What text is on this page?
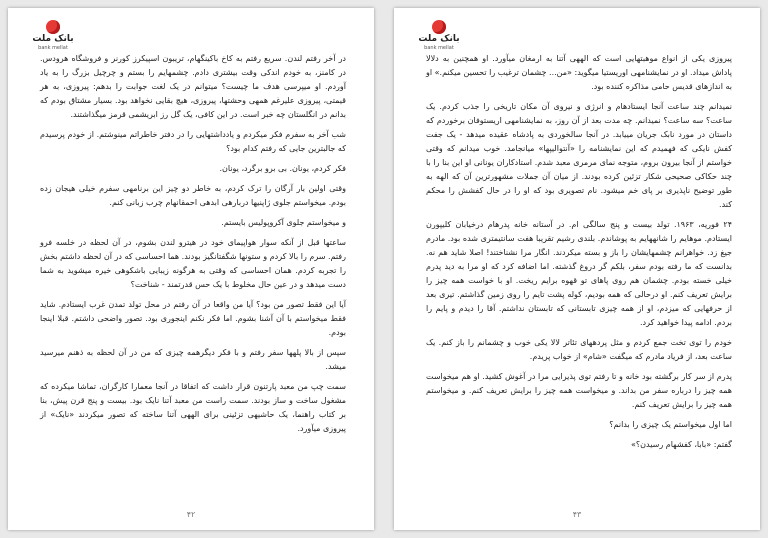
بانک ملت
bank mellat

در آخر رفتم لندن. سریع رفتم به کاخ باکینگهام، تریبون اسپیکرز کورنر و فروشگاه هرودس. در کامنز، به خودم اندکی وقت بیشتری دادم. چشمهایم را بستم و چرچیل بزرگ را به یاد آوردم. او میپرسی هدف ما چیست؟ میتوانم در یک لغت جوابت را بدهم: پیروزی، به هر قیمتی، پیروزی علیرغم همهی وحشتها، پیروزی، هیچ بقایی نخواهد بود. بسیار مشتاق بودم که بدانم در انگلستان چه خبر است. در این کافی، یک گل رز ابریشمی قرمز میگذاشتند.

شب آخر به سفرم فکر میکردم و یادداشتهایی را در دفتر خاطراتم مینوشتم. از خودم پرسیدم که جالبترین جایی که رفتم کدام بود؟

فکر کردم، یونان. بی برو برگرد، یونان.

وقتی اولین بار آرگان را ترک کردم، به خاطر دو چیز این برنامهی سفرم خیلی هیجان زده بودم. میخواستم جلوی ژاپنیها دربارهی ابدهی احمقانهام چرب زبانی کنم.

و میخواستم جلوی آکروپولیس بایستم.

ساعتها قبل از آنکه سوار هواپیمای خود در هیترو لندن بشوم، در آن لحظه در خلسه فرو رفتم. سرم را بالا کردم و ستونها شگفتانگیز بودند. هما احساسی که در آن لحظه داشتم بخش را تجربه کردم. همان احساسی که وقتی به هرگونه زیبایی باشکوهی خیره میشوید به شما دست میدهد و در عین حال مخلوط با یک حس قدرتمند - شناخت؟

آیا این فقط تصور من بود؟ آیا من واقعا در آن رفتم در محل تولد تمدن غرب ایستادم. شاید فقط میخواستم با آن آشنا بشوم. اما فکر نکنم اینجوری بود. تصور واضحی داشتم. قبلا اینجا بودم.

سپس از بالا پلهها سفر رفتم و با فکر دیگرهمه چیزی که من در آن لحظه به ذهنم میرسید میشد.

سمت چپ من معبد پارتنون قرار داشت که اتفاقا در آنجا معمارا کارگران، تماشا میکرده که مشغول ساخت و ساز بودند. سمت راست من معبد آتنا نایک بود. بیست و پنج قرن پیش، بنا بر کتاب راهنما، یک حاشیهی تزئینی برای الههی آتنا ساخته که تصور میکردند «نایک» از پیروزی میآورد.

۴۲
بانک ملت
bank mellat

پیروزی یکی از انواع موهبتهایی است که الههی آتنا به ارمغان میآورد. او همچنین به دلالا پاداش میداد. او در نمایشنامهی اوریستیا میگوید: «من... چشمان ترغیب را تحسین میکنم.» او به اندازهای قدیس حامی مذاکره کننده بود.

نمیدانم چند ساعت آنجا ایستادهام و انرژی و نیروی آن مکان تاریخی را جذب کردم. یک ساعت؟ سه ساعت؟ نمیدانم. چه مدت بعد از آن روز، به نمایشنامهی اریستوفان برخوردم که داستان در مورد نابک جریان مییابد. در آنجا سالخوردی به پادشاه عقیده میدهد - یک جفت کفش نایکی که فهمیدم که این نمایشنامه را «آنتوالیپها» میانجامد. خوب میدانم که وقتی خواستم از آنجا بیرون بروم، متوجه نمای مرمری معبد شدم. استادکاران یونانی او این بنا را با چند حکاکی صحیحی شکار تزئین کرده بودند. از میان آن جملات مشهورترین آن که الهه به طور توضیح ناپذیری بر پای خم میشود. نام تصویری بود که او را در حال کفشش را محکم کند.

۲۴ فوریه، ۱۹۶۳. تولد بیست و پنج سالگی ام. در آستانه خانه پدرهام درخیابان کلیپورن ایستادم. موهایم را شانههایم به پوشاندم. بلندی رشیم تقریبا هفت سانتیمتری شده بود. مادرم جیغ زد. خواهرانم چشمهایشان را باز و بسته میکردند. انگار مرا نشناختند! اصلا شاید هم نه. بدانست که ما رفته بودم سفر، بلکم گر دروغ گذشته. اما اضافه کرد که او مرا به دید پدرم خیلی خسته بودم. چشمان هم روی پاهای تو قهوه برایم ریخت. او با خواست همه چیز را برایش تعریف کنم. او درحالی که همه بودیم، کوله پشت تایم را روی زمین گذاشتم. تیری بعد از حرفهایی که میزدم، او از همه چیزی تابستانی که تابستان نداشتم. آقا را دیدم و پایم را بردم. ادامه پیدا خواهید کرد.

خودم را توی تخت جمع کردم و مثل پردههای تئاتر لالا یکی خوب و چشمانم را باز کنم. یک ساعت بعد، از فریاد مادرم که میگفت «شام» از خواب پریدم.

پدرم از سر کار برگشته بود خانه و تا رفتم توی پذیرایی مرا در آغوش کشید. او هم میخواست همه چیز را درباره سفر من بداند. و میخواست همه چیز را برایش تعریف کنم. و میخواستم همه چیز را برایش تعریف کنم.

اما اول میخواستم یک چیزی را بدانم؟

گفتم: «بابا، کفشهام رسیدن؟»

۴۳
